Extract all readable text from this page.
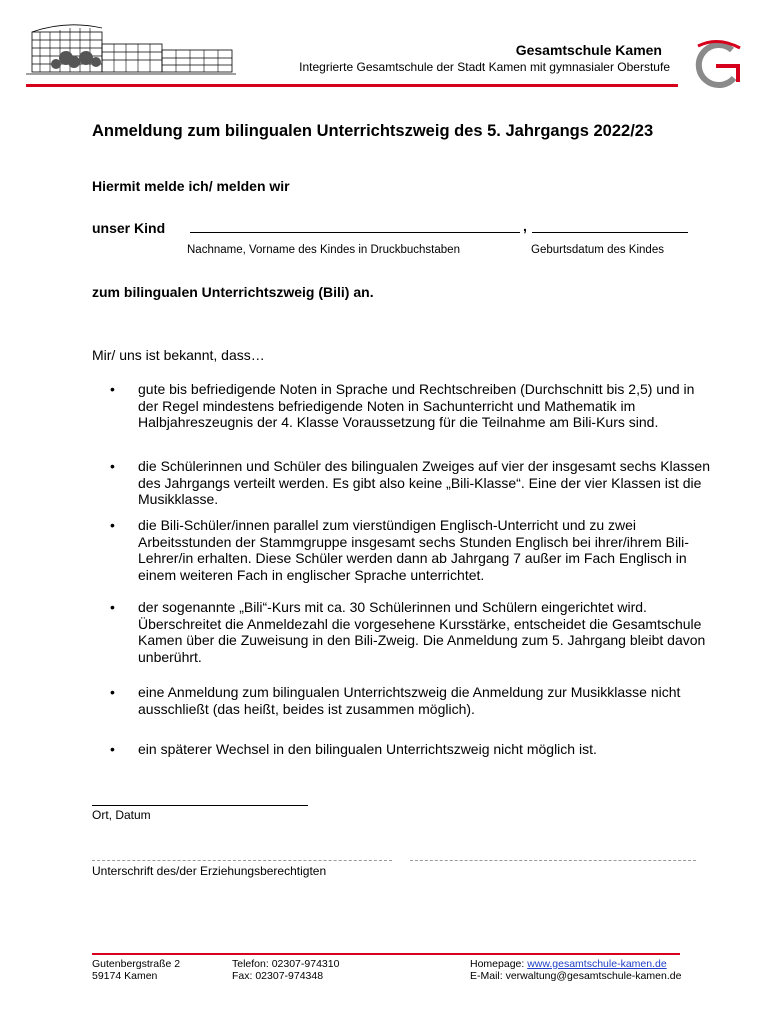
Gesamtschule Kamen
Integrierte Gesamtschule der Stadt Kamen mit gymnasialer Oberstufe
Anmeldung zum bilingualen Unterrichtszweig des 5. Jahrgangs 2022/23
Hiermit melde ich/ melden wir
unser Kind	,
Nachname, Vorname des Kindes in Druckbuchstaben	Geburtsdatum des Kindes
zum bilingualen Unterrichtszweig (Bili) an.
Mir/ uns ist bekannt, dass…
•	gute bis befriedigende Noten in Sprache und Rechtschreiben (Durchschnitt bis 2,5) und in der Regel mindestens befriedigende Noten in Sachunterricht und Mathematik im Halbjahreszeugnis der 4. Klasse Voraussetzung für die Teilnahme am Bili-Kurs sind.
•	die Schülerinnen und Schüler des bilingualen Zweiges auf vier der insgesamt sechs Klassen des Jahrgangs verteilt werden. Es gibt also keine „Bili-Klasse“. Eine der vier Klassen ist die Musikklasse.
•	die Bili-Schüler/innen parallel zum vierstündigen Englisch-Unterricht und zu zwei Arbeitsstunden der Stammgruppe insgesamt sechs Stunden Englisch bei ihrer/ihrem Bili-Lehrer/in erhalten. Diese Schüler werden dann ab Jahrgang 7 außer im Fach Englisch in einem weiteren Fach in englischer Sprache unterrichtet.
•	der sogenannte „Bili“-Kurs mit ca. 30 Schülerinnen und Schülern eingerichtet wird. Überschreitet die Anmeldezahl die vorgesehene Kursstärke, entscheidet die Gesamtschule Kamen über die Zuweisung in den Bili-Zweig. Die Anmeldung zum 5. Jahrgang bleibt davon unberührt.
•	eine Anmeldung zum bilingualen Unterrichtszweig die Anmeldung zur Musikklasse nicht ausschließt (das heißt, beides ist zusammen möglich).
•	ein späterer Wechsel in den bilingualen Unterrichtszweig nicht möglich ist.
Ort, Datum
Unterschrift des/der Erziehungsberechtigten
Gutenbergstraße 2
59174 Kamen
Telefon: 02307-974310
Fax: 02307-974348
Homepage: www.gesamtschule-kamen.de
E-Mail: verwaltung@gesamtschule-kamen.de
